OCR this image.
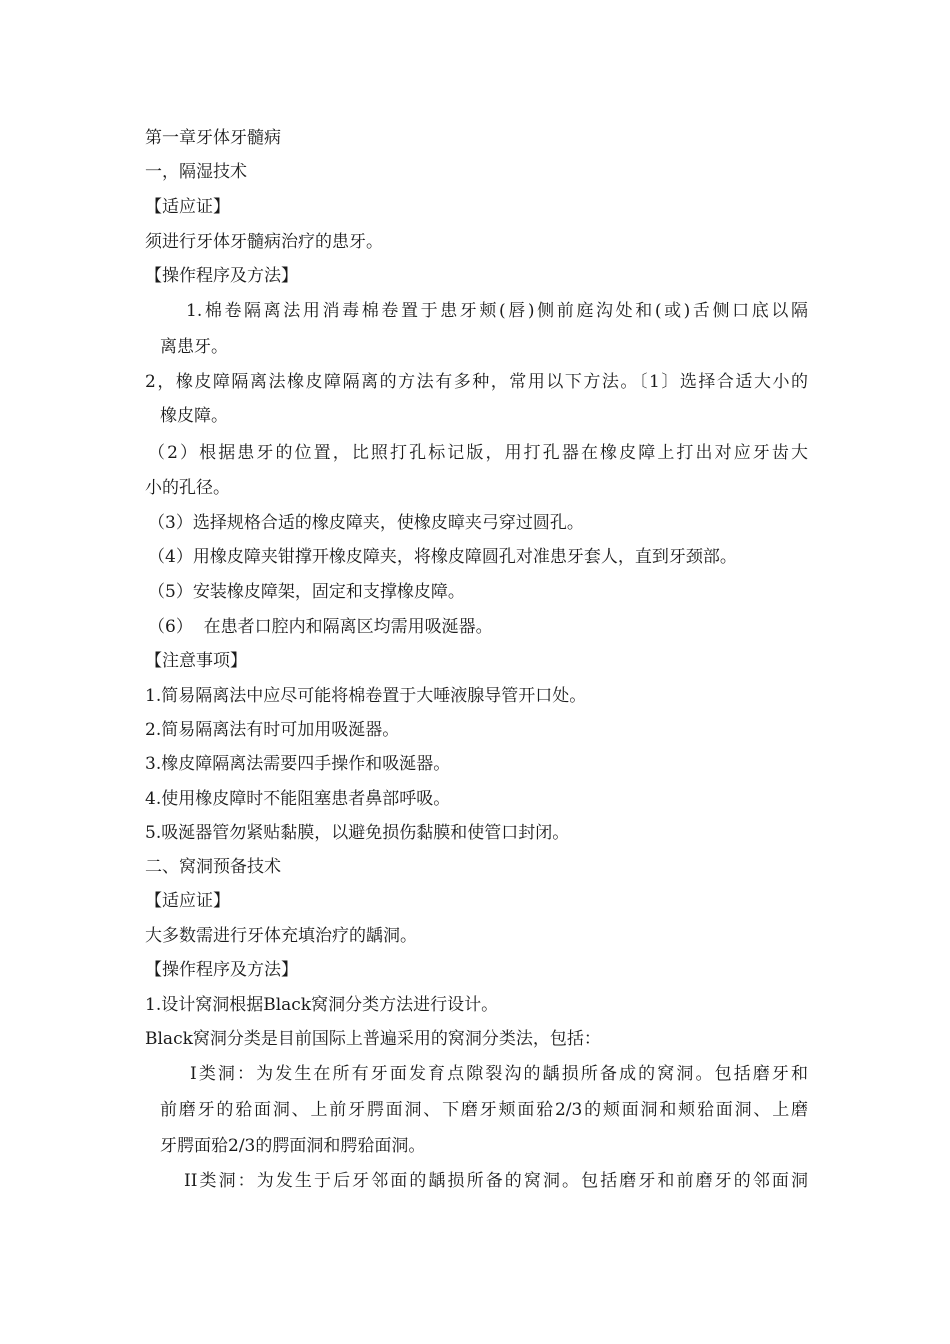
第一章牙体牙髓病
一，隔湿技术
【适应证】
须进行牙体牙髓病治疗的患牙。
【操作程序及方法】
1.棉卷隔离法用消毒棉卷置于患牙颊(唇)侧前庭沟处和(或)舌侧口底以隔
离患牙。
2，橡皮障隔离法橡皮障隔离的方法有多种，常用以下方法。〔1〕选择合适大小的
橡皮障。
（2）根据患牙的位置，比照打孔标记版，用打孔器在橡皮障上打出对应牙齿大
小的孔径。
（3）选择规格合适的橡皮障夹，使橡皮暲夹弓穿过圆孔。
（4）用橡皮障夹钳撑开橡皮障夹，将橡皮障圆孔对准患牙套人，直到牙颈部。
（5）安装橡皮障架，固定和支撑橡皮障。
（6）  在患者口腔内和隔离区均需用吸涎器。
【注意事项】
1.简易隔离法中应尽可能将棉卷置于大唾液腺导管开口处。
2.简易隔离法有时可加用吸涎器。
3.橡皮障隔离法需要四手操作和吸涎器。
4.使用橡皮障时不能阻塞患者鼻部呼吸。
5.吸涎器管勿紧贴黏膜，以避免损伤黏膜和使管口封闭。
二、窝洞预备技术
【适应证】
大多数需进行牙体充填治疗的龋洞。
【操作程序及方法】
1.设计窝洞根据Black窝洞分类方法进行设计。
Black窝洞分类是目前国际上普遍采用的窝洞分类法，包括：
I类洞：为发生在所有牙面发育点隙裂沟的龋损所备成的窝洞。包括磨牙和
前磨牙的𬌗面洞、上前牙腭面洞、下磨牙颊面𬌗2/3的颊面洞和颊𬌗面洞、上磨
牙腭面𬌗2/3的腭面洞和腭𬌗面洞。
II类洞：为发生于后牙邻面的龋损所备的窝洞。包括磨牙和前磨牙的邻面洞
